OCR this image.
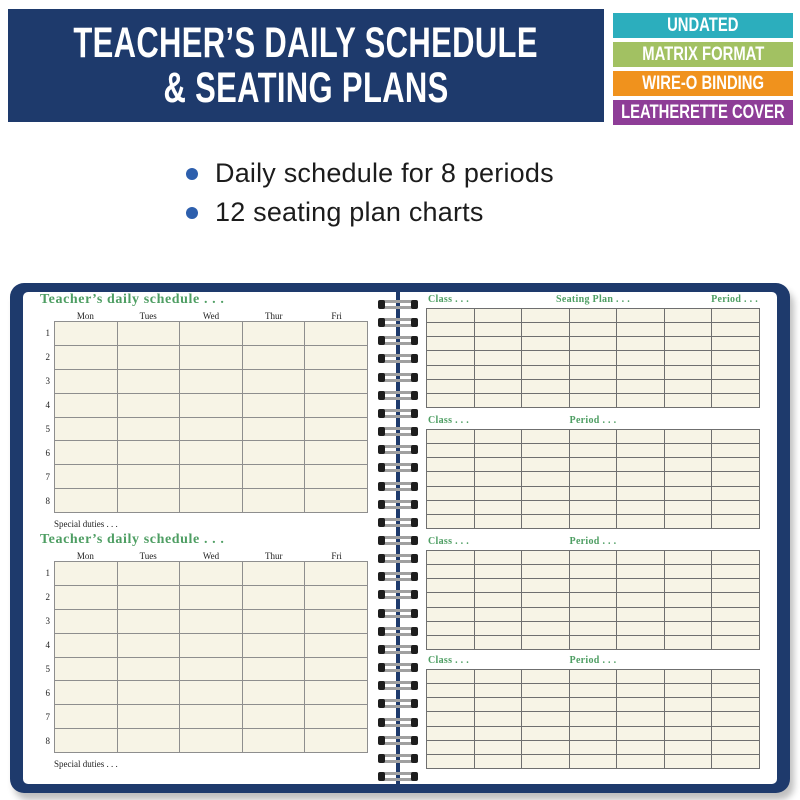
TEACHER’S DAILY SCHEDULE
& SEATING PLANS
UNDATED
MATRIX FORMAT
WIRE-O BINDING
LEATHERETTE COVER
Daily schedule for 8 periods
12 seating plan charts
Teacher’s daily schedule . . .
Mon	Tues	Wed	Thur	Fri
1
2
3
4
5
6
7
8
Special duties . . .
Teacher’s daily schedule . . .
Mon	Tues	Wed	Thur	Fri
1
2
3
4
5
6
7
8
Special duties . . .
Class . . .	Seating Plan . . .	Period . . .
Class . . .	Period . . .
Class . . .	Period . . .
Class . . .	Period . . .
